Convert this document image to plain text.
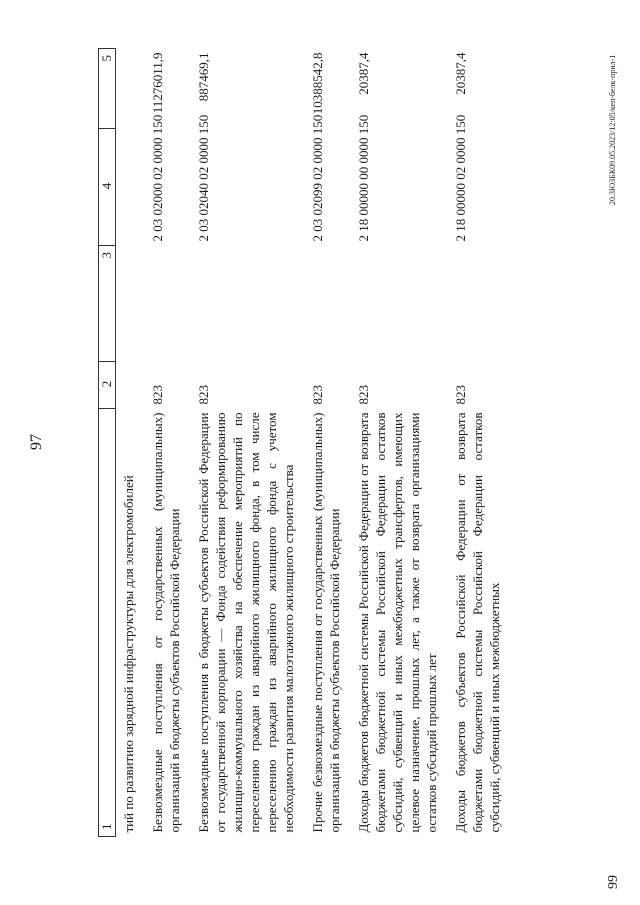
97
1	2	3	4	5
тий по развитию зарядной инфраструктуры для электромобилей				
Безвозмездные поступления от государственных (муниципальных) организаций в бюджеты субъектов Российской Федерации	823		2 03 02000 02 0000 150	11276011,9
Безвозмездные поступления в бюджеты субъектов Российской Федерации от государственной корпорации — Фонда содействия реформированию жилищно-коммунального хозяйства на обеспечение мероприятий по переселению граждан из аварийного жилищного фонда, в том числе переселению граждан из аварийного жилищного фонда с учетом необходимости развития малоэтажного жилищного строительства	823		2 03 02040 02 0000 150	887469,1
Прочие безвозмездные поступления от государственных (муниципальных) организаций в бюджеты субъектов Российской Федерации	823		2 03 02099 02 0000 150	10388542,8
Доходы бюджетов бюджетной системы Российской Федерации от возврата бюджетами бюджетной системы Российской Федерации остатков субсидий, субвенций и иных межбюджетных трансфертов, имеющих целевое назначение, прошлых лет, а также от возврата организациями остатков субсидий прошлых лет	823		2 18 00000 00 0000 150	20387,4
Доходы бюджетов субъектов Российской Федерации от возврата бюджетами бюджетной системы Российской Федерации остатков субсидий, субвенций и иных межбюджетных	823		2 18 00000 02 0000 150	20387,4	20.3ЮЗБК09.05.2023/12:05/кеп-белк-прил-1
99
